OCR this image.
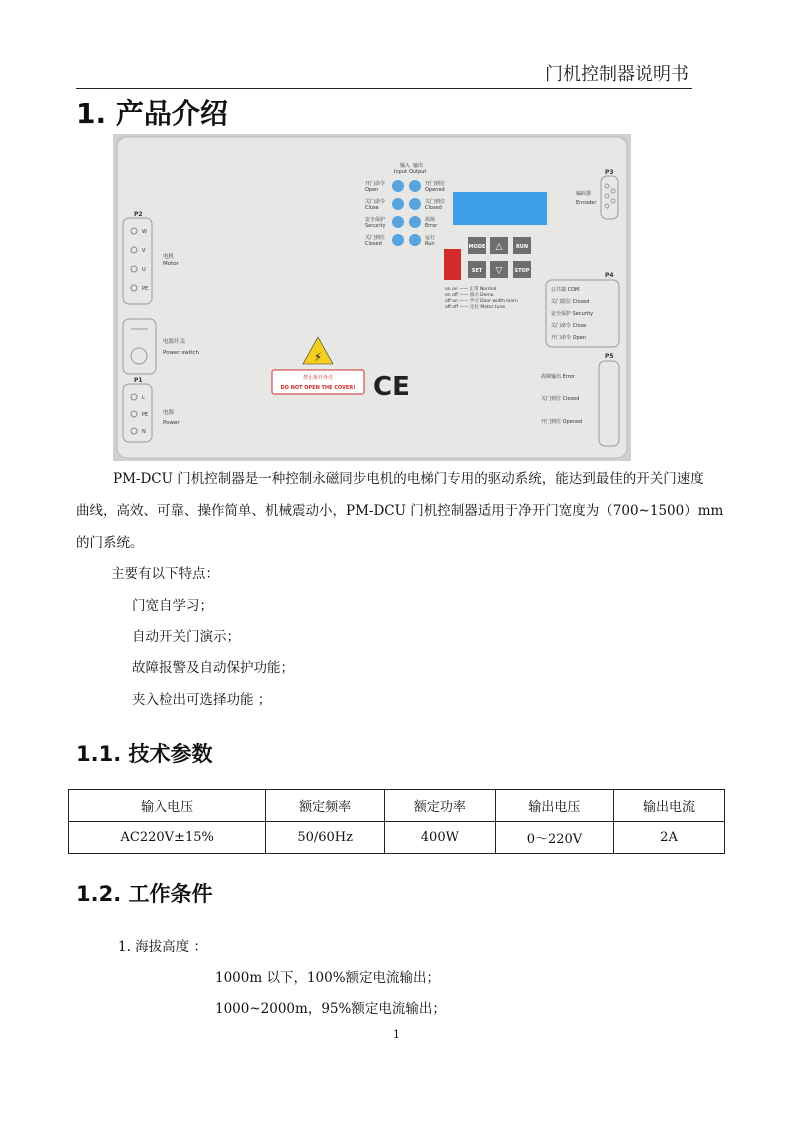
门机控制器说明书
1. 产品介绍
输入
Input
输出
Output
开门命令
Open
开门到位
Opened
关门命令
Close
关门到位
Closed
安全保护
Security
故障
Error
关门到位
Closed
运行
Run	MODE △	RUN
SET ▽ STOP
on on —— 正常 Normal
on off —— 演示 Demo
off on —— 学习 Door width learn
off off —— 定位 Motor tune
P2
W
V
U
PE
电机
Motor
电源开关
Power switch
P1
L
PE
N
电源
Power
⚡
禁止拆开外壳
DO NOT OPEN THE COVER! CE
P3
编码器
Encoder
P4
公共端 COM
关门限位 Closed
安全保护 Security
关门命令 Close
开门命令 Open
P5
故障输出 Error
关门到位 Closed
开门到位 Opened
PM-DCU 门机控制器是一种控制永磁同步电机的电梯门专用的驱动系统，能达到最佳的开关门速度
曲线，高效、可靠、操作简单、机械震动小，PM-DCU 门机控制器适用于净开门宽度为（700~1500）mm
的门系统。
主要有以下特点：
门宽自学习；
自动开关门演示；
故障报警及自动保护功能；
夹入检出可选择功能 ；
1.1. 技术参数
输入电压	额定频率	额定功率	输出电压	输出电流
AC220V±15%	50/60Hz	400W	0～220V	2A
1.2. 工作条件
1. 海拔高度 ：
1000m 以下，100%额定电流输出；
1000~2000m，95%额定电流输出；
1
